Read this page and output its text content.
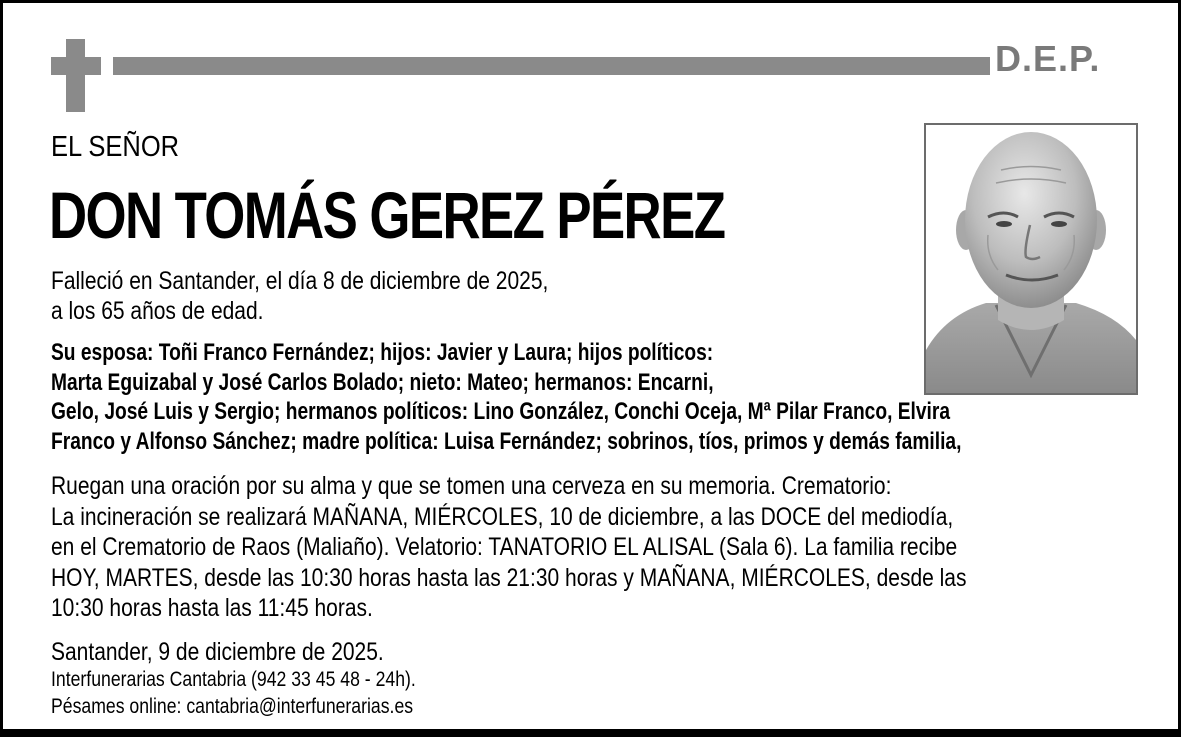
D.E.P.
EL SEÑOR
DON TOMÁS GEREZ PÉREZ
Falleció en Santander, el día 8 de diciembre de 2025,
a los 65 años de edad.
Su esposa: Toñi Franco Fernández; hijos: Javier y Laura; hijos políticos:
Marta Eguizabal y José Carlos Bolado; nieto: Mateo; hermanos: Encarni,
Gelo, José Luis y Sergio; hermanos políticos: Lino González, Conchi Oceja, Mª Pilar Franco, Elvira
Franco y Alfonso Sánchez; madre política: Luisa Fernández; sobrinos, tíos, primos y demás familia,
Ruegan una oración por su alma y que se tomen una cerveza en su memoria. Crematorio:
La incineración se realizará MAÑANA, MIÉRCOLES, 10 de diciembre, a las DOCE del mediodía,
en el Crematorio de Raos (Maliaño). Velatorio: TANATORIO EL ALISAL (Sala 6). La familia recibe
HOY, MARTES, desde las 10:30 horas hasta las 21:30 horas y MAÑANA, MIÉRCOLES, desde las
10:30 horas hasta las 11:45 horas.
Santander, 9 de diciembre de 2025.
Interfunerarias Cantabria (942 33 45 48 - 24h).
Pésames online: cantabria@interfunerarias.es
